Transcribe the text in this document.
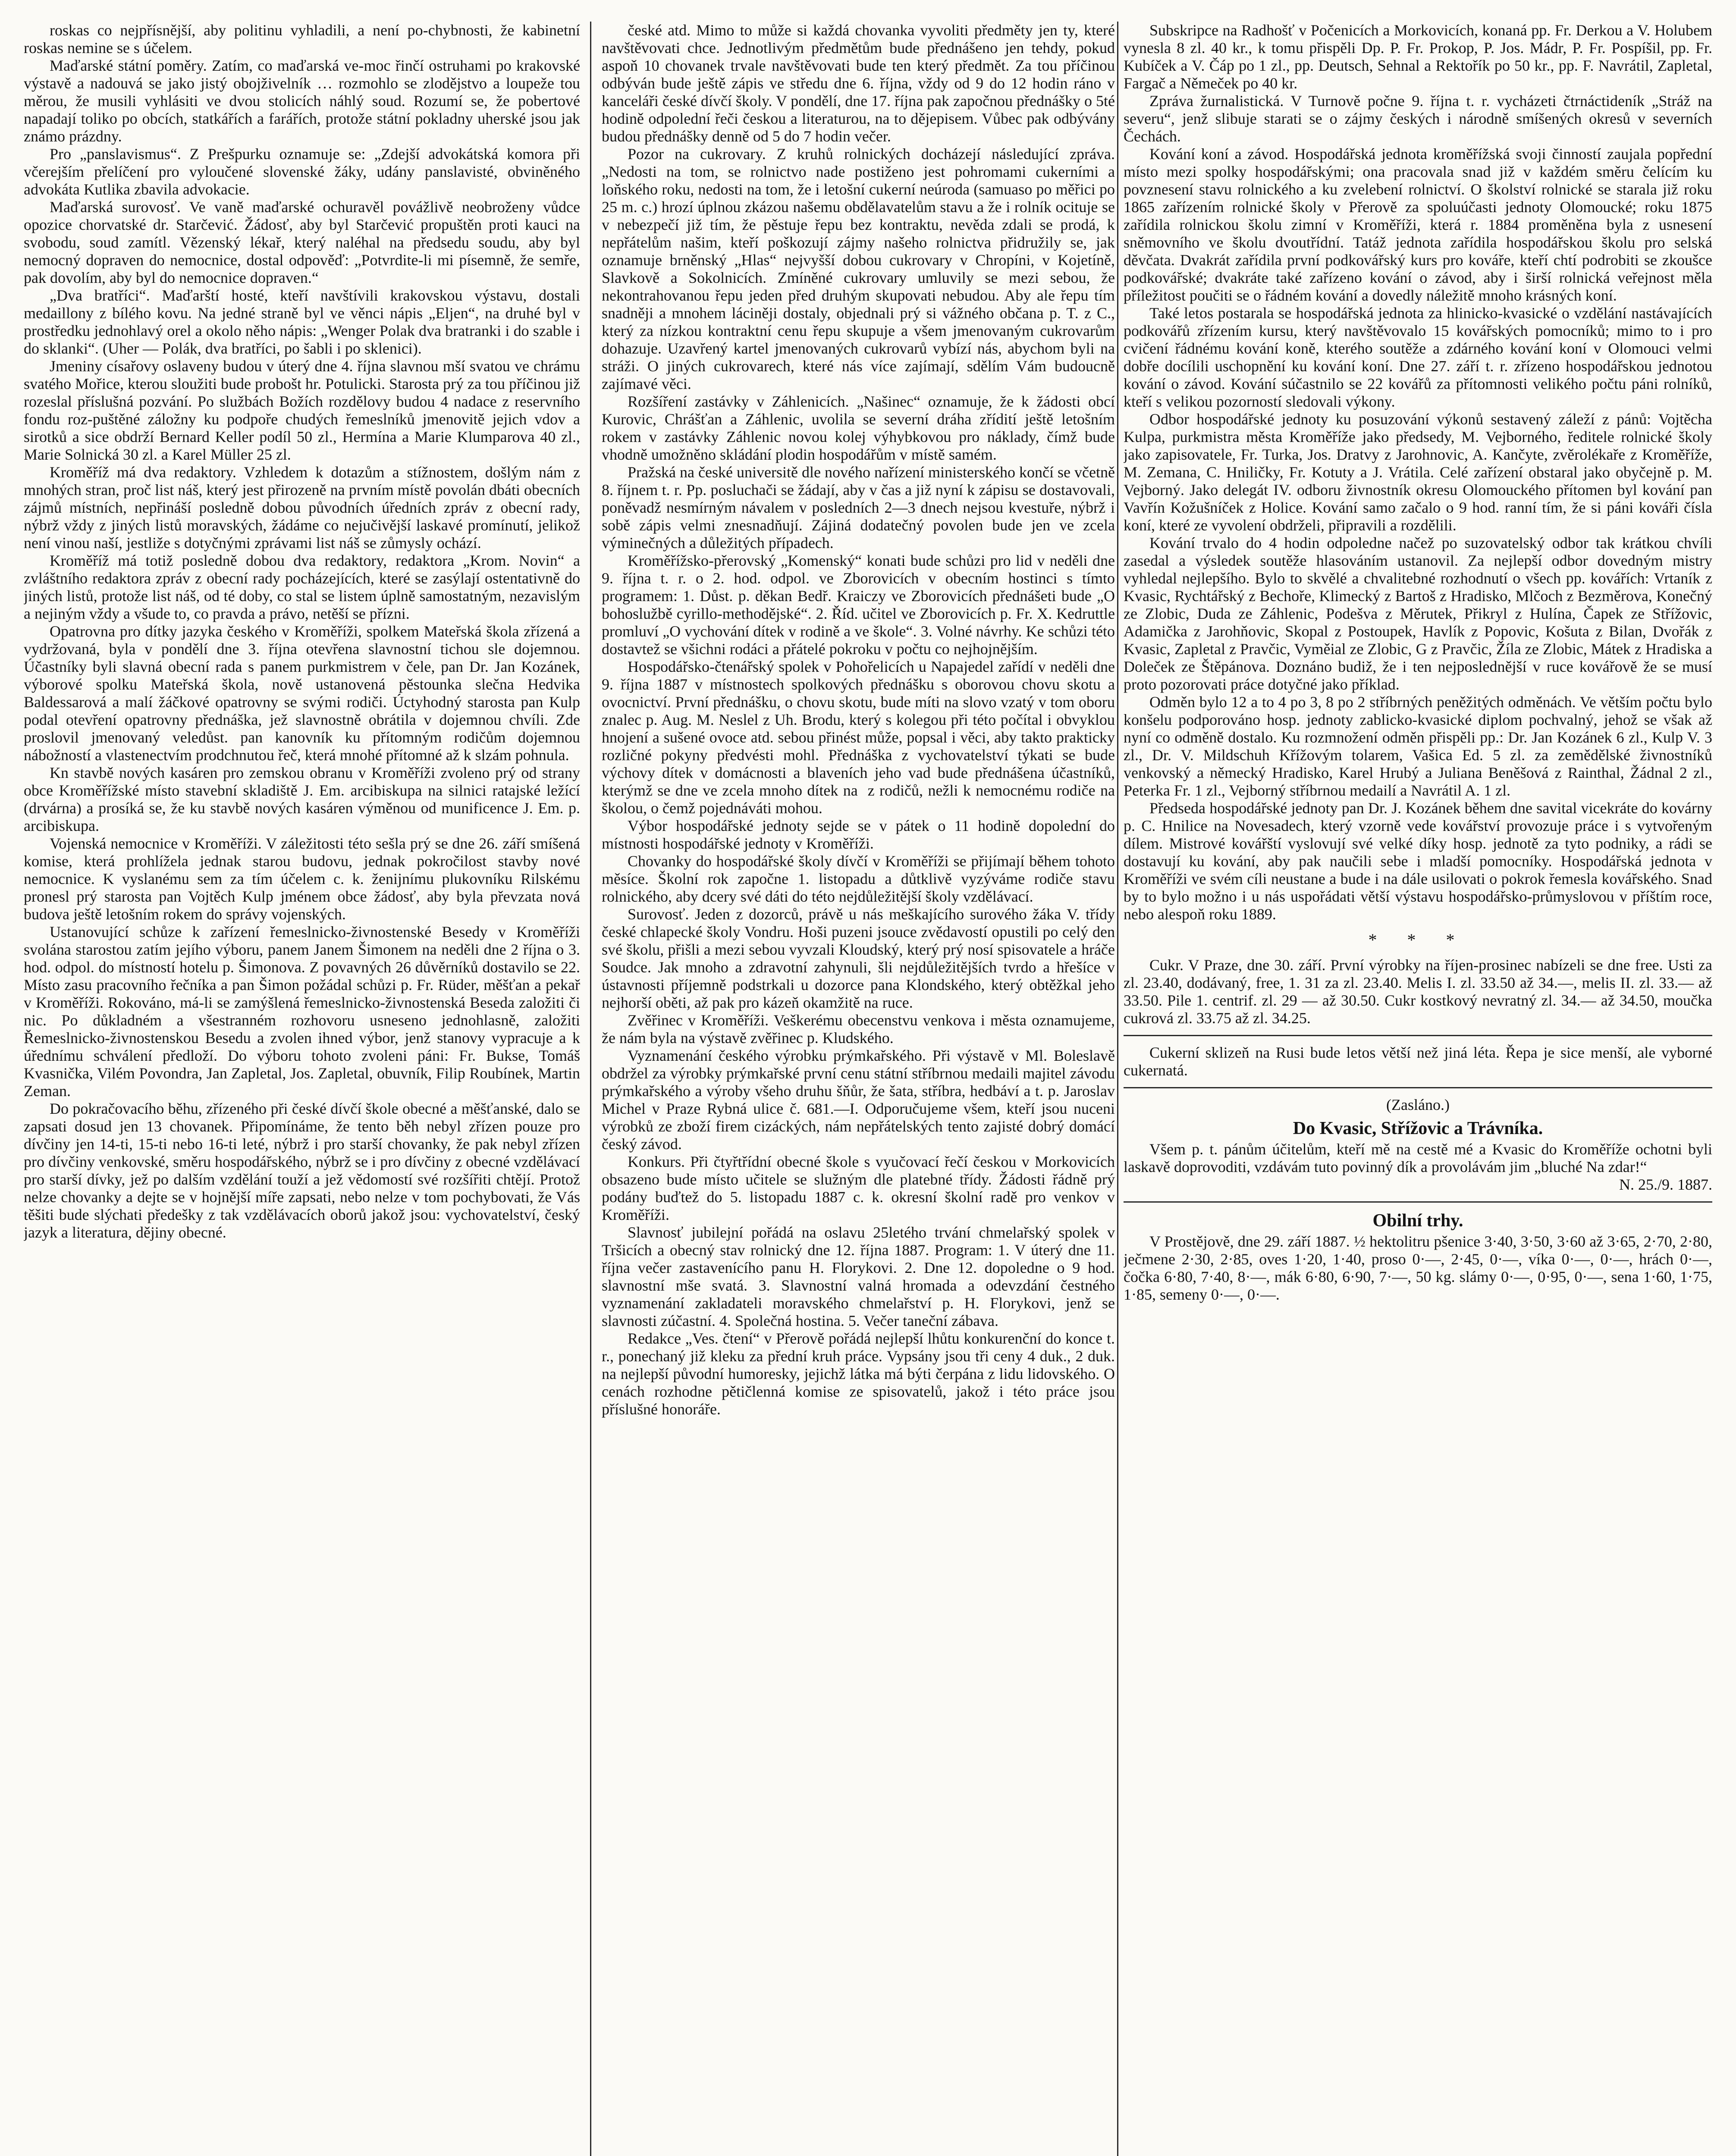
roskas co nejpřísnější, aby politinu vyhladili, a není po-chybnosti, že kabinetní roskas nemine se s účelem.

Maďarské státní poměry. Zatím, co maďarská ve-moc řinčí ostruhami po krakovské výstavě a nadouvá se jako jistý obojživelník … rozmohlo se zlodějstvo a loupeže tou měrou, že musili vyhlásiti ve dvou stolicích náhlý soud. Rozumí se, že pobertové napadají toliko po obcích, statkářích a farářích, protože státní pokladny uherské jsou jak známo prázdny.

Pro „panslavismus“. Z Prešpurku oznamuje se: „Zdejší advokátská komora při včerejším přelíčení pro vyloučené slovenské žáky, udány panslavisté, obviněného advokáta Kutlika zbavila advokacie.

Maďarská surovosť. Ve vaně maďarské ochuravěl povážlivě neobroženy vůdce opozice chorvatské dr. Starčević. Žádosť, aby byl Starčević propuštěn proti kauci na svobodu, soud zamítl. Vězenský lékař, který naléhal na předsedu soudu, aby byl nemocný dopraven do nemocnice, dostal odpověď: „Potvrdite-li mi písemně, že semře, pak dovolím, aby byl do nemocnice dopraven.“

„Dva bratříci“. Maďarští hosté, kteří navštívili krakovskou výstavu, dostali medaillony z bílého kovu. Na jedné straně byl ve věnci nápis „Eljen“, na druhé byl v prostředku jednohlavý orel a okolo něho nápis: „Wenger Polak dva bratranki i do szable i do sklanki“. (Uher — Polák, dva bratříci, po šabli i po sklenici).

Jmeniny císařovy oslaveny budou v úterý dne 4. října slavnou mší svatou ve chrámu svatého Mořice, kterou sloužiti bude probošt hr. Potulicki. Starosta prý za tou příčinou již rozeslal příslušná pozvání. Po službách Božích rozdělovy budou 4 nadace z reservního fondu roz-puštěné záložny ku podpoře chudých řemeslníků jmenovitě jejich vdov a sirotků a sice obdrží Bernard Keller podíl 50 zl., Hermína a Marie Klumparova 40 zl., Marie Solnická 30 zl. a Karel Müller 25 zl.

Kroměříž má dva redaktory. Vzhledem k dotazům a stížnostem, došlým nám z mnohých stran, proč list náš, který jest přirozeně na prvním místě povolán dbáti obecních zájmů místních, nepřináší posledně dobou původních úředních zpráv z obecní rady, nýbrž vždy z jiných listů moravských, žádáme co nejučivější laskavé promínutí, jelikož není vinou naší, jestliže s dotyčnými zprávami list náš se zůmysly ochází.

Kroměříž má totiž posledně dobou dva redaktory, redaktora „Krom. Novin“ a zvláštního redaktora zpráv z obecní rady pocházejících, které se zasýlají ostentativně do jiných listů, protože list náš, od té doby, co stal se listem úplně samostatným, nezavislým a nejiným vždy a všude to, co pravda a právo, netěší se přízni.

Opatrovna pro dítky jazyka českého v Kroměříži, spolkem Mateřská škola zřízená a vydržovaná, byla v pondělí dne 3. října otevřena slavnostní tichou sle dojemnou. Účastníky byli slavná obecní rada s panem purkmistrem v čele, pan Dr. Jan Kozánek, výborové spolku Mateřská škola, nově ustanovená pěstounka slečna Hedvika Baldessarová a malí žáčkové opatrovny se svými rodiči. Úctyhodný starosta pan Kulp podal otevření opatrovny přednáška, jež slavnostně obrátila v dojemnou chvíli. Zde proslovil jmenovaný veledůst. pan kanovník ku přítomným rodičům dojemnou nábožností a vlastenectvím prodchnutou řeč, která mnohé přítomné až k slzám pohnula.

Kn stavbě nových kasáren pro zemskou obranu v Kroměříži zvoleno prý od strany obce Kroměřížské místo stavební skladiště J. Em. arcibiskupa na silnici ratajské ležící (drvárna) a prosíká se, že ku stavbě nových kasáren výměnou od munificence J. Em. p. arcibiskupa.

Vojenská nemocnice v Kroměříži. V záležitosti této sešla prý se dne 26. září smíšená komise, která prohlížela jednak starou budovu, jednak pokročilost stavby nové nemocnice. K vyslanému sem za tím účelem c. k. ženijnímu plukovníku Rilskému pronesl prý starosta pan Vojtěch Kulp jménem obce žádosť, aby byla převzata nová budova ještě letošním rokem do správy vojenských.

Ustanovující schůze k zařízení řemeslnicko-živnostenské Besedy v Kroměříži svolána starostou zatím jejího výboru, panem Janem Šimonem na neděli dne 2 října o 3. hod. odpol. do místností hotelu p. Šimonova. Z povavných 26 důvěrníků dostavilo se 22. Místo zasu pracovního řečníka a pan Šimon požádal schůzi p. Fr. Rüder, měšťan a pekař v Kroměříži. Rokováno, má-li se zamýšlená řemeslnicko-živnostenská Beseda založiti či nic. Po důkladném a všestranném rozhovoru usneseno jednohlasně, založiti Řemeslnicko-živnostenskou Besedu a zvolen ihned výbor, jenž stanovy vypracuje a k úřednímu schválení předloží. Do výboru tohoto zvoleni páni: Fr. Bukse, Tomáš Kvasnička, Vilém Povondra, Jan Zapletal, Jos. Zapletal, obuvník, Filip Roubínek, Martin Zeman.

Do pokračovacího běhu, zřízeného při české dívčí škole obecné a měšťanské, dalo se zapsati dosud jen 13 chovanek. Připomínáme, že tento běh nebyl zřízen pouze pro dívčiny jen 14-ti, 15-ti nebo 16-ti leté, nýbrž i pro starší chovanky, že pak nebyl zřízen pro dívčiny venkovské, směru hospodářského, nýbrž se i pro dívčiny z obecné vzdělávací pro starší dívky, jež po dalším vzdělání touží a jež vědomostí své rozšířiti chtějí. Protož nelze chovanky a dejte se v hojnější míře zapsati, nebo nelze v tom pochybovati, že Vás těšiti bude slýchati předešky z tak vzdělávacích oborů jakož jsou: vychovatelství, český jazyk a literatura, dějiny obecné.

české atd. Mimo to může si každá chovanka vyvoliti předměty jen ty, které navštěvovati chce. Jednotlivým předmětům bude přednášeno jen tehdy, pokud aspoň 10 chovanek trvale navštěvovati bude ten který předmět. Za tou příčinou odbýván bude ještě zápis ve středu dne 6. října, vždy od 9 do 12 hodin ráno v kanceláři české dívčí školy. V pondělí, dne 17. října pak započnou přednášky o 5té hodině odpolední řeči českou a literaturou, na to dějepisem. Vůbec pak odbývány budou přednášky denně od 5 do 7 hodin večer.

Pozor na cukrovary. Z kruhů rolnických docházejí následující zpráva. „Nedosti na tom, se rolnictvo nade postiženo jest pohromami cukerními a loňského roku, nedosti na tom, že i letošní cukerní neúroda (samuaso po měřici po 25 m. c.) hrozí úplnou zkázou našemu obdělavatelům stavu a že i rolník ocituje se v nebezpečí již tím, že pěstuje řepu bez kontraktu, nevěda zdali se prodá, k nepřátelům našim, kteří poškozují zájmy našeho rolnictva přidružily se, jak oznamuje brněnský „Hlas“ nejvyšší dobou cukrovary v Chropíni, v Kojetíně, Slavkově a Sokolnicích. Zmíněné cukrovary umluvily se mezi sebou, že nekontrahovanou řepu jeden před druhým skupovati nebudou. Aby ale řepu tím snadněji a mnohem láciněji dostaly, objednali prý si vážného občana p. T. z C., který za nízkou kontraktní cenu řepu skupuje a všem jmenovaným cukrovarům dohazuje. Uzavřený kartel jmenovaných cukrovarů vybízí nás, abychom byli na stráži. O jiných cukrovarech, které nás více zajímají, sdělím Vám budoucně zajímavé věci.

Rozšíření zastávky v Záhlenicích. „Našinec“ oznamuje, že k žádosti obcí Kurovic, Chrášťan a Záhlenic, uvolila se severní dráha zřídití ještě letošním rokem v zastávky Záhlenic novou kolej výhybkovou pro náklady, čímž bude vhodně umožněno skládání plodin hospodářům v místě samém.

Pražská na české universitě dle nového nařízení ministerského končí se včetně 8. říjnem t. r. Pp. posluchači se žádají, aby v čas a již nyní k zápisu se dostavovali, poněvadž nesmírným návalem v posledních 2—3 dnech nejsou kvestuře, nýbrž i sobě zápis velmi znesnadňují. Zájiná dodatečný povolen bude jen ve zcela výminečných a důležitých případech.

Kroměřížsko-přerovský „Komenský“ konati bude schůzi pro lid v neděli dne 9. října t. r. o 2. hod. odpol. ve Zborovicích v obecním hostinci s tímto programem: 1. Důst. p. děkan Bedř. Kraiczy ve Zborovicích přednášeti bude „O bohoslužbě cyrillo-methodějské“. 2. Říd. učitel ve Zborovicích p. Fr. X. Kedruttle promluví „O vychování dítek v rodině a ve škole“. 3. Volné návrhy. Ke schůzi této dostavtež se všichni rodáci a přátelé pokroku v počtu co nejhojnějším.

Hospodářsko-čtenářský spolek v Pohořelicích u Napajedel zařídí v neděli dne 9. října 1887 v místnostech spolkových přednášku s oborovou chovu skotu a ovocnictví. První přednášku, o chovu skotu, bude míti na slovo vzatý v tom oboru znalec p. Aug. M. Neslel z Uh. Brodu, který s kolegou při této počítal i obvyklou hnojení a sušené ovoce atd. sebou přinést může, popsal i věci, aby takto prakticky rozličné pokyny předvésti mohl. Přednáška z vychovatelství týkati se bude výchovy dítek v domácnosti a blaveních jeho vad bude přednášena účastníků, kterýmž se dne ve zcela mnoho dítek na z rodičů, nežli k nemocnému rodiče na školou, o čemž pojednáváti mohou.

Výbor hospodářské jednoty sejde se v pátek o 11 hodině dopolední do místnosti hospodářské jednoty v Kroměříži.

Chovanky do hospodářské školy dívčí v Kroměříži se přijímají během tohoto měsíce. Školní rok započne 1. listopadu a důtklivě vyzýváme rodiče stavu rolnického, aby dcery své dáti do této nejdůležitější školy vzdělávací.

Surovosť. Jeden z dozorců, právě u nás meškajícího surového žáka V. třídy české chlapecké školy Vondru. Hoši puzeni jsouce zvědavostí opustili po celý den své školu, přišli a mezi sebou vyvzali Kloudský, který prý nosí spisovatele a hráče Soudce. Jak mnoho a zdravotní zahynuli, šli nejdůležitějších tvrdo a hřešíce v ústavnosti příjemně podstrkali u dozorce pana Klondského, který obtěžkal jeho nejhorší oběti, až pak pro kázeň okamžitě na ruce.

Zvěřinec v Kroměříži. Veškerému obecenstvu venkova i města oznamujeme, že nám byla na výstavě zvěřinec p. Kludského.

Vyznamenání českého výrobku prýmkařského. Při výstavě v Ml. Boleslavě obdržel za výrobky prýmkařské první cenu státní stříbrnou medaili majitel závodu prýmkařského a výroby všeho druhu šňůr, že šata, stříbra, hedbáví a t. p. Jaroslav Michel v Praze Rybná ulice č. 681.—I. Odporučujeme všem, kteří jsou nuceni výrobků ze zboží firem cizáckých, nám nepřátelských tento zajisté dobrý domácí český závod.

Konkurs. Při čtyřtřídní obecné škole s vyučovací řečí českou v Morkovicích obsazeno bude místo učitele se služným dle platebné třídy. Žádosti řádně prý podány buďtež do 5. listopadu 1887 c. k. okresní školní radě pro venkov v Kroměříži.

Slavnosť jubilejní pořádá na oslavu 25letého trvání chmelařský spolek v Tršicích a obecný stav rolnický dne 12. října 1887. Program: 1. V úterý dne 11. října večer zastavenícího panu H. Florykovi. 2. Dne 12. dopoledne o 9 hod. slavnostní mše svatá. 3. Slavnostní valná hromada a odevzdání čestného vyznamenání zakladateli moravského chmelařství p. H. Florykovi, jenž se slavnosti zúčastní. 4. Společná hostina. 5. Večer taneční zábava.

Redakce „Ves. čtení“ v Přerově pořádá nejlepší lhůtu konkurenční do konce t. r., ponechaný již kleku za přední kruh práce. Vypsány jsou tři ceny 4 duk., 2 duk. na nejlepší původní humoresky, jejichž látka má býti čerpána z lidu lidovského. O cenách rozhodne pětičlenná komise ze spisovatelů, jakož i této práce jsou příslušné honoráře.

Subskripce na Radhošť v Počenicích a Morkovicích, konaná pp. Fr. Derkou a V. Holubem vynesla 8 zl. 40 kr., k tomu přispěli Dp. P. Fr. Prokop, P. Jos. Mádr, P. Fr. Pospíšil, pp. Fr. Kubíček a V. Čáp po 1 zl., pp. Deutsch, Sehnal a Rektořík po 50 kr., pp. F. Navrátil, Zapletal, Fargač a Němeček po 40 kr.

Zpráva žurnalistická. V Turnově počne 9. října t. r. vycházeti čtrnáctideník „Stráž na severu“, jenž slibuje starati se o zájmy českých i národně smíšených okresů v severních Čechách.

Kování koní a závod. Hospodářská jednota kroměřížská svoji činností zaujala popřední místo mezi spolky hospodářskými; ona pracovala snad již v každém směru čelícím ku povznesení stavu rolnického a ku zvelebení rolnictví. O školství rolnické se starala již roku 1865 zařízením rolnické školy v Přerově za spoluúčasti jednoty Olomoucké; roku 1875 zařídila rolnickou školu zimní v Kroměříži, která r. 1884 proměněna byla z usnesení sněmovního ve školu dvoutřídní. Tatáž jednota zařídila hospodářskou školu pro selská děvčata. Dvakrát zařídila první podkovářský kurs pro kováře, kteří chtí podrobiti se zkoušce podkovářské; dvakráte také zařízeno kování o závod, aby i širší rolnická veřejnost měla příležitost poučiti se o řádném kování a dovedly náležitě mnoho krásných koní.

Také letos postarala se hospodářská jednota za hlinicko-kvasické o vzdělání nastávajících podkovářů zřízením kursu, který navštěvovalo 15 kovářských pomocníků; mimo to i pro cvičení řádnému kování koně, kterého soutěže a zdárného kování koní v Olomouci velmi dobře docílili uschopnění ku kování koní. Dne 27. září t. r. zřízeno hospodářskou jednotou kování o závod. Kování súčastnilo se 22 kovářů za přítomnosti velikého počtu páni rolníků, kteří s velikou pozorností sledovali výkony.

Odbor hospodářské jednoty ku posuzování výkonů sestavený záleží z pánů: Vojtěcha Kulpa, purkmistra města Kroměříže jako předsedy, M. Vejborného, ředitele rolnické školy jako zapisovatele, Fr. Turka, Jos. Dratvy z Jarohnovic, A. Kančyte, zvěrolékaře z Kroměříže, M. Zemana, C. Hniličky, Fr. Kotuty a J. Vrátila. Celé zařízení obstaral jako obyčejně p. M. Vejborný. Jako delegát IV. odboru živnostník okresu Olomouckého přítomen byl kování pan Vavřín Kožušníček z Holice. Kování samo začalo o 9 hod. ranní tím, že si páni kováři čísla koní, které ze vyvolení obdrželi, připravili a rozdělili.

Kování trvalo do 4 hodin odpoledne načež po suzovatelský odbor tak krátkou chvíli zasedal a výsledek soutěže hlasováním ustanovil. Za nejlepší odbor dovedným mistry vyhledal nejlepšího. Bylo to skvělé a chvalitebné rozhodnutí o všech pp. kovářích: Vrtaník z Kvasic, Rychtářský z Bechoře, Klimecký z Bartoš z Hradisko, Mlčoch z Bezměrova, Konečný ze Zlobic, Duda ze Záhlenic, Podešva z Měrutek, Přikryl z Hulína, Čapek ze Střížovic, Adamička z Jarohňovic, Skopal z Postoupek, Havlík z Popovic, Košuta z Bilan, Dvořák z Kvasic, Zapletal z Pravčic, Vyměial ze Zlobic, G z Pravčic, Žíla ze Zlobic, Mátek z Hradiska a Doleček ze Štěpánova. Doznáno budiž, že i ten nejposlednější v ruce kovářově že se musí proto pozorovati práce dotyčné jako příklad.

Odměn bylo 12 a to 4 po 3, 8 po 2 stříbrných peněžitých odměnách. Ve větším počtu bylo konšelu podporováno hosp. jednoty zablicko-kvasické diplom pochvalný, jehož se však až nyní co odměně dostalo. Ku rozmnožení odměn přispěli pp.: Dr. Jan Kozánek 6 zl., Kulp V. 3 zl., Dr. V. Mildschuh Křížovým tolarem, Vašica Ed. 5 zl. za zemědělské živnostníků venkovský a německý Hradisko, Karel Hrubý a Juliana Beněšová z Rainthal, Žádnal 2 zl., Peterka Fr. 1 zl., Vejborný stříbrnou medailí a Navrátil A. 1 zl.

Předseda hospodářské jednoty pan Dr. J. Kozánek během dne savital vicekráte do kovárny p. C. Hnilice na Novesadech, který vzorně vede kovářství provozuje práce i s vytvořeným dílem. Mistrové kovářští vyslovují své velké díky hosp. jednotě za tyto podniky, a rádi se dostavují ku kování, aby pak naučili sebe i mladší pomocníky. Hospodářská jednota v Kroměříži ve svém cíli neustane a bude i na dále usilovati o pokrok řemesla kovářského. Snad by to bylo možno i u nás uspořádati větší výstavu hospodářsko-průmyslovou v příštím roce, nebo alespoň roku 1889.

* * *

Cukr. V Praze, dne 30. září. První výrobky na říjen-prosinec nabízeli se dne free. Usti za zl. 23.40, dodávaný, free, 1. 31 za zl. 23.40. Melis I. zl. 33.50 až 34.—, melis II. zl. 33.— až 33.50. Pile 1. centrif. zl. 29 — až 30.50. Cukr kostkový nevratný zl. 34.— až 34.50, moučka cukrová zl. 33.75 až zl. 34.25.

Cukerní sklizeň na Rusi bude letos větší než jiná léta. Řepa je sice menší, ale vyborné cukernatá.

(Zasláno.)
Do Kvasic, Střížovic a Trávníka.

Všem p. t. pánům účitelům, kteří mě na cestě mé a Kvasic do Kroměříže ochotni byli laskavě doprovoditi, vzdávám tuto povinný dík a provolávám jim „bluché Na zdar!“

N. 25./9. 1887.

Obilní trhy.

V Prostějově, dne 29. září 1887. ½ hektolitru pšenice 3·40, 3·50, 3·60 až 3·65, 2·70, 2·80, ječmene 2·30, 2·85, oves 1·20, 1·40, proso 0·—, 2·45, 0·—, víka 0·—, 0·—, hrách 0·—, čočka 6·80, 7·40, 8·—, mák 6·80, 6·90, 7·—, 50 kg. slámy 0·—, 0·95, 0·—, sena 1·60, 1·75, 1·85, semeny 0·—, 0·—.
